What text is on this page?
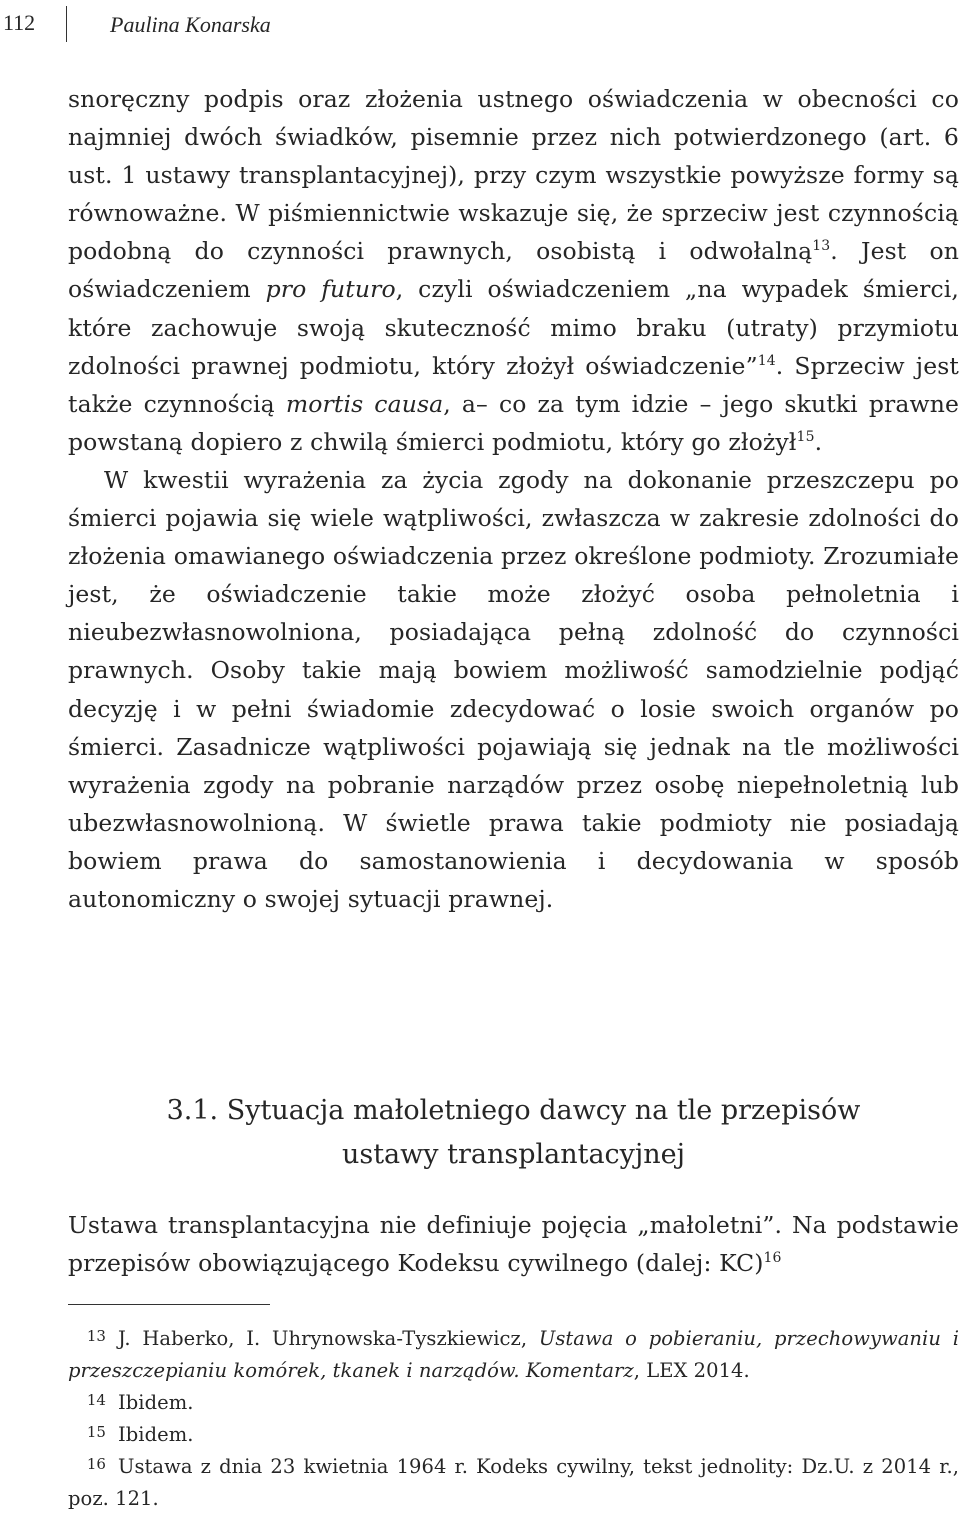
112	Paulina Konarska

snoręczny podpis oraz złożenia ustnego oświadczenia w obecności co najmniej dwóch świadków, pisemnie przez nich potwierdzonego (art. 6 ust. 1 ustawy transplantacyjnej), przy czym wszystkie powyższe formy są równoważne. W piśmiennictwie wskazuje się, że sprzeciw jest czynnością podobną do czynności prawnych, osobistą i odwołalną$^{13}$. Jest on oświadczeniem pro futuro, czyli oświadczeniem „na wypadek śmierci, które zachowuje swoją skuteczność mimo braku (utraty) przymiotu zdolności prawnej podmiotu, który złożył oświadczenie”$^{14}$. Sprzeciw jest także czynnością mortis causa, a– co za tym idzie – jego skutki prawne powstaną dopiero z chwilą śmierci podmiotu, który go złożył$^{15}$.

W kwestii wyrażenia za życia zgody na dokonanie przeszczepu po śmierci pojawia się wiele wątpliwości, zwłaszcza w zakresie zdolności do złożenia omawianego oświadczenia przez określone podmioty. Zrozumiałe jest, że oświadczenie takie może złożyć osoba pełnoletnia i nieubezwłasnowolniona, posiadająca pełną zdolność do czynności prawnych. Osoby takie mają bowiem możliwość samodzielnie podjąć decyzję i w pełni świadomie zdecydować o losie swoich organów po śmierci. Zasadnicze wątpliwości pojawiają się jednak na tle możliwości wyrażenia zgody na pobranie narządów przez osobę niepełnoletnią lub ubezwłasnowolnioną. W świetle prawa takie podmioty nie posiadają bowiem prawa do samostanowienia i decydowania w sposób autonomiczny o swojej sytuacji prawnej.

3.1. Sytuacja małoletniego dawcy na tle przepisów
ustawy transplantacyjnej

Ustawa transplantacyjna nie definiuje pojęcia „małoletni”. Na podstawie przepisów obowiązującego Kodeksu cywilnego (dalej: KC)$^{16}$

13 J. Haberko, I. Uhrynowska-Tyszkiewicz, Ustawa o pobieraniu, przechowywaniu i przeszczepianiu komórek, tkanek i narządów. Komentarz, LEX 2014.

14 Ibidem.

15 Ibidem.

16 Ustawa z dnia 23 kwietnia 1964 r. Kodeks cywilny, tekst jednolity: Dz.U. z 2014 r., poz. 121.
